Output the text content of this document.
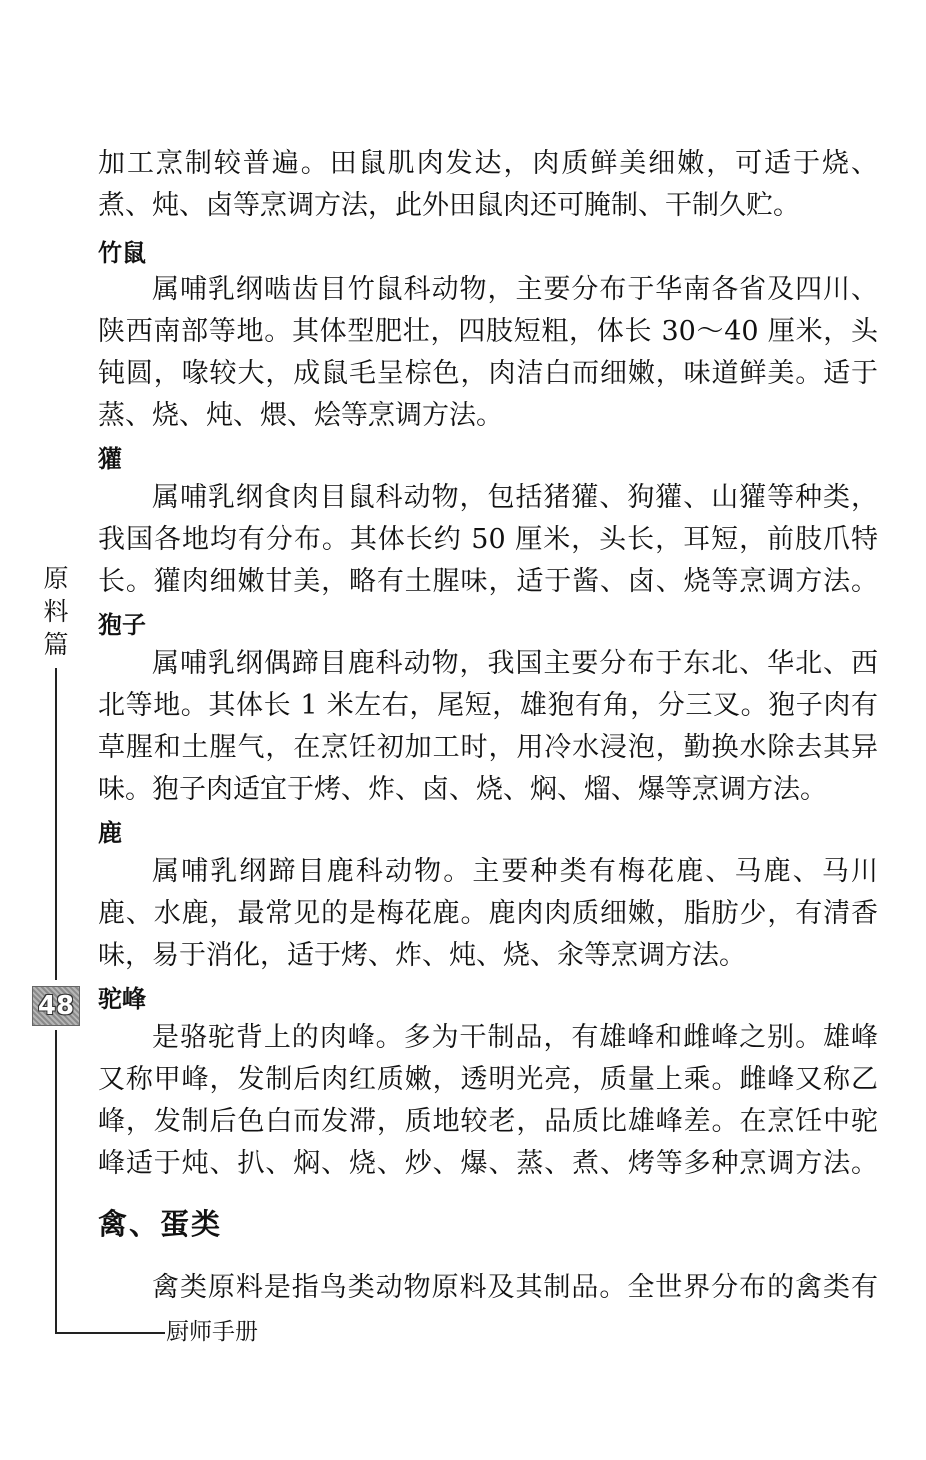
原
料
篇
48
厨师手册
加工烹制较普遍。田鼠肌肉发达，肉质鲜美细嫩，可适于烧、
煮、炖、卤等烹调方法，此外田鼠肉还可腌制、干制久贮。
竹鼠
属哺乳纲啮齿目竹鼠科动物，主要分布于华南各省及四川、
陕西南部等地。其体型肥壮，四肢短粗，体长 30～40 厘米，头
钝圆，喙较大，成鼠毛呈棕色，肉洁白而细嫩，味道鲜美。适于
蒸、烧、炖、煨、烩等烹调方法。
獾
属哺乳纲食肉目鼠科动物，包括猪獾、狗獾、山獾等种类，
我国各地均有分布。其体长约 50 厘米，头长，耳短，前肢爪特
长。獾肉细嫩甘美，略有土腥味，适于酱、卤、烧等烹调方法。
狍子
属哺乳纲偶蹄目鹿科动物，我国主要分布于东北、华北、西
北等地。其体长 1 米左右，尾短，雄狍有角，分三叉。狍子肉有
草腥和土腥气，在烹饪初加工时，用冷水浸泡，勤换水除去其异
味。狍子肉适宜于烤、炸、卤、烧、焖、熘、爆等烹调方法。
鹿
属哺乳纲蹄目鹿科动物。主要种类有梅花鹿、马鹿、马川
鹿、水鹿，最常见的是梅花鹿。鹿肉肉质细嫩，脂肪少，有清香
味，易于消化，适于烤、炸、炖、烧、汆等烹调方法。
驼峰
是骆驼背上的肉峰。多为干制品，有雄峰和雌峰之别。雄峰
又称甲峰，发制后肉红质嫩，透明光亮，质量上乘。雌峰又称乙
峰，发制后色白而发滞，质地较老，品质比雄峰差。在烹饪中驼
峰适于炖、扒、焖、烧、炒、爆、蒸、煮、烤等多种烹调方法。
禽、蛋类
禽类原料是指鸟类动物原料及其制品。全世界分布的禽类有
